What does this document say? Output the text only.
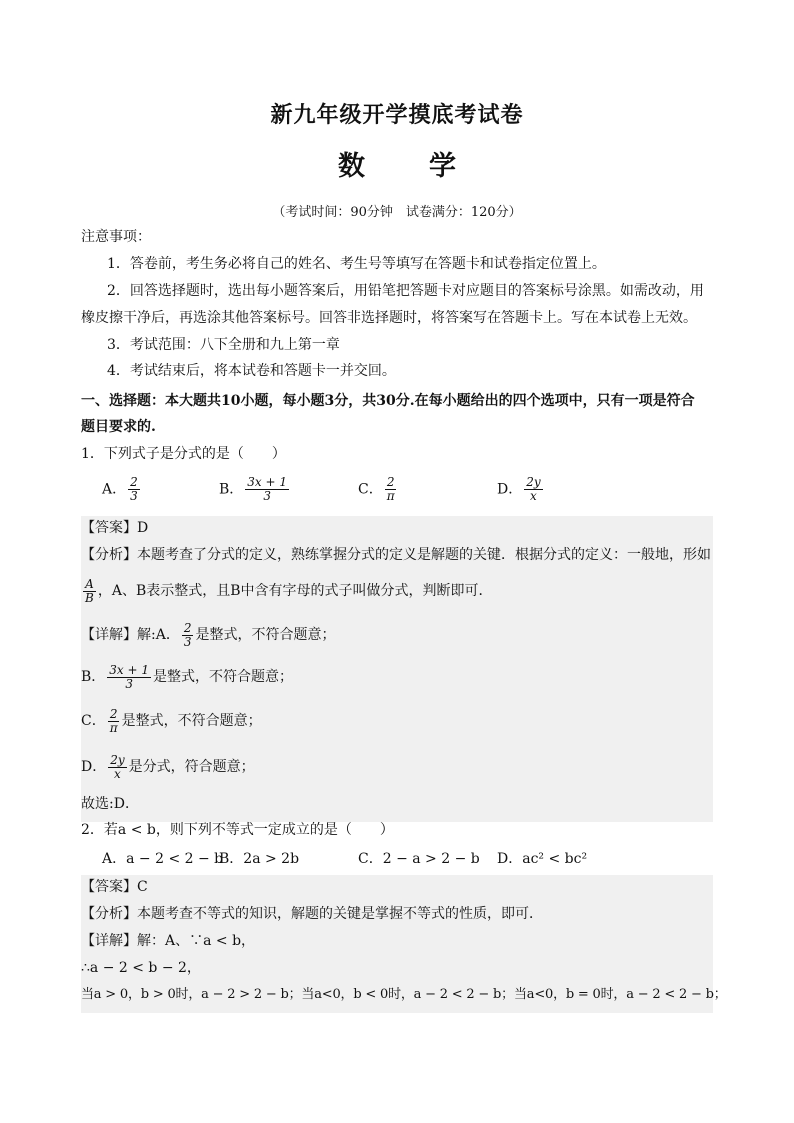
新九年级开学摸底考试卷
数学
（考试时间：90分钟　试卷满分：120分）
注意事项：
1．答卷前，考生务必将自己的姓名、考生号等填写在答题卡和试卷指定位置上。
2．回答选择题时，选出每小题答案后，用铅笔把答题卡对应题目的答案标号涂黑。如需改动，用
橡皮擦干净后，再选涂其他答案标号。回答非选择题时，将答案写在答题卡上。写在本试卷上无效。
3．考试范围：八下全册和九上第一章
4．考试结束后，将本试卷和答题卡一并交回。
一、选择题：本大题共10小题，每小题3分，共30分.在每小题给出的四个选项中，只有一项是符合
题目要求的.
1．下列式子是分式的是（　　）
A． $\frac{2}{3}$	B． $\frac{3x + 1}{3}$	C． $\frac{2}{\pi}$	D． $\frac{2y}{x}$
【答案】D
【分析】本题考查了分式的定义，熟练掌握分式的定义是解题的关键．根据分式的定义：一般地，形如
$\frac{A}{B}$ ，A、B表示整式，且B中含有字母的式子叫做分式，判断即可．
【详解】解:A． $\frac{2}{3}$ 是整式，不符合题意；
B． $\frac{3x + 1}{3}$ 是整式，不符合题意；
C． $\frac{2}{\pi}$ 是整式，不符合题意；
D． $\frac{2y}{x}$ 是分式，符合题意；
故选:D．
2．若a < b，则下列不等式一定成立的是（　　）
A．a − 2 < 2 − b
B．2a > 2b	C．2 − a > 2 − b D．ac² < bc²
【答案】C
【分析】本题考查不等式的知识，解题的关键是掌握不等式的性质，即可．
【详解】解：A、∵a < b，
∴a − 2 < b − 2，
当a > 0，b > 0时，a − 2 > 2 − b；当a<0，b < 0时，a − 2 < 2 − b；当a<0，b = 0时，a − 2 < 2 − b；
